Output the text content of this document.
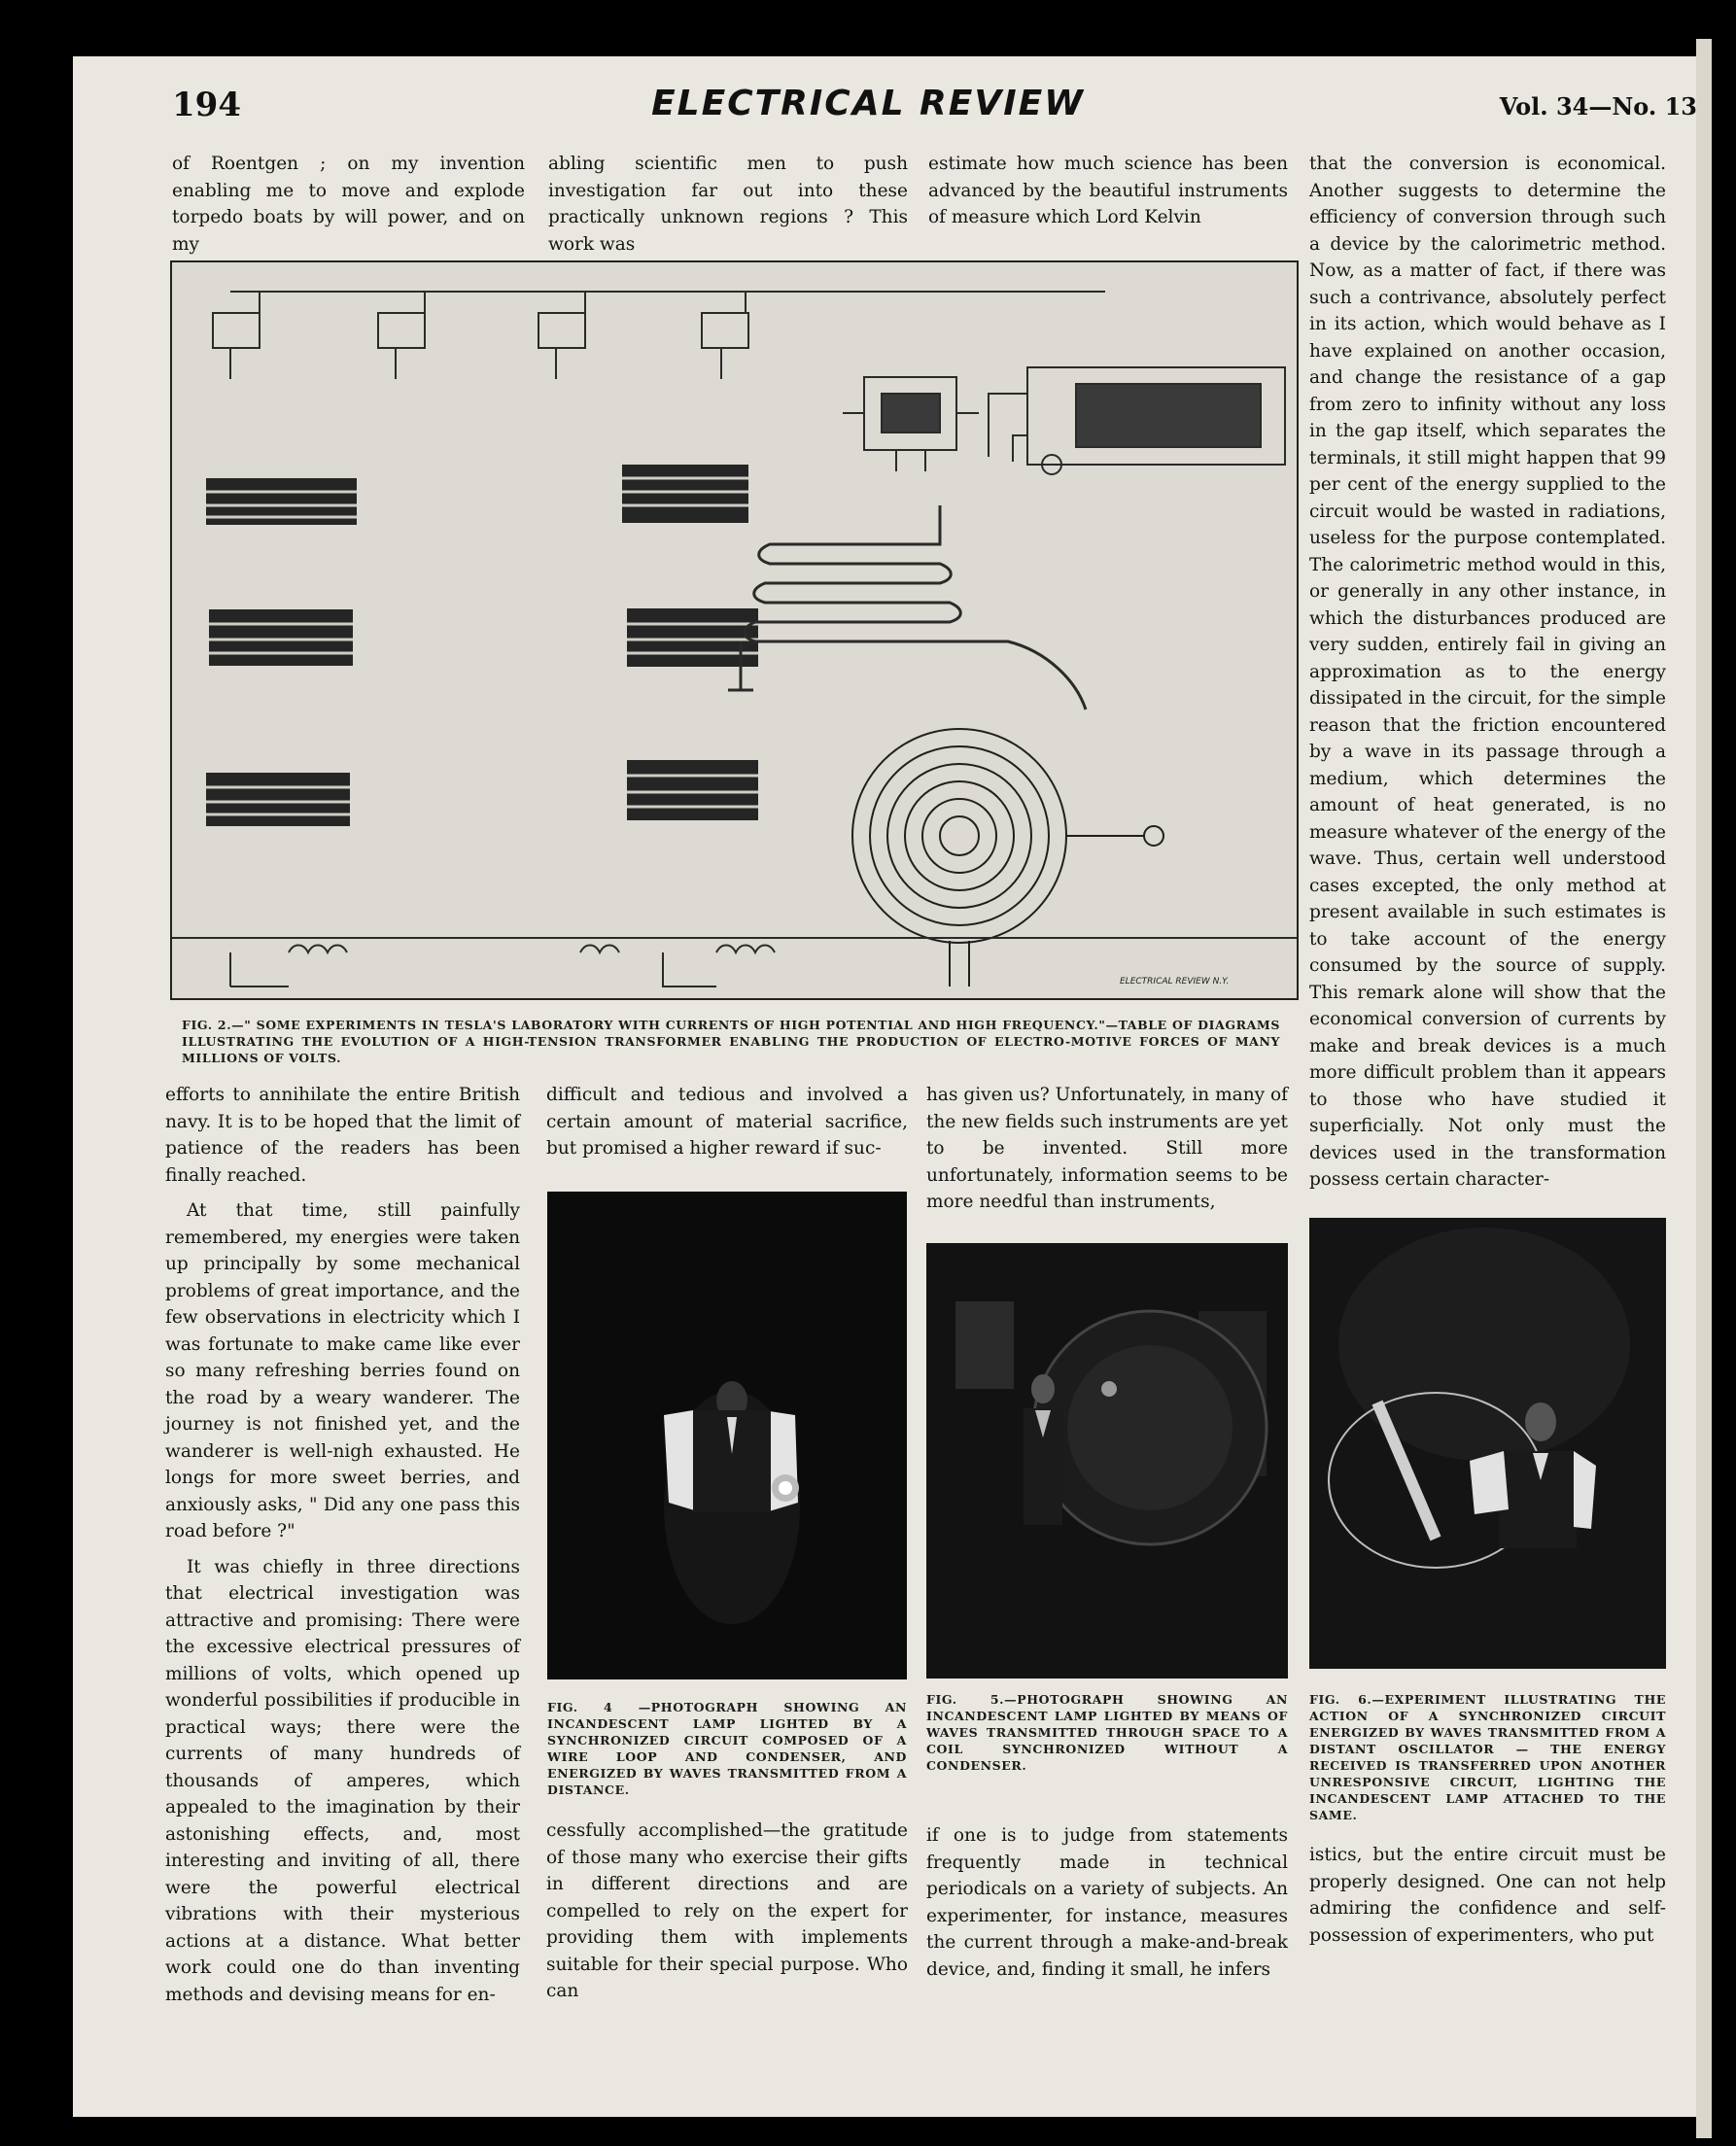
194	ELECTRICAL REVIEW	Vol. 34—No. 13

of Roentgen ; on my invention enabling me to move and explode torpedo boats by will power, and on my

abling scientific men to push investigation far out into these practically unknown regions ? This work was

estimate how much science has been advanced by the beautiful instruments of measure which Lord Kelvin

that the conversion is economical. Another suggests to determine the efficiency of conversion through such a device by the calorimetric method. Now, as a matter of fact, if there was such a contrivance, absolutely perfect in its action, which would behave as I have explained on another occasion, and change the resistance of a gap from zero to infinity without any loss in the gap itself, which separates the terminals, it still might happen that 99 per cent of the energy supplied to the circuit would be wasted in radiations, useless for the purpose contemplated. The calorimetric method would in this, or generally in any other instance, in which the disturbances produced are very sudden, entirely fail in giving an approximation as to the energy dissipated in the circuit, for the simple reason that the friction encountered by a wave in its passage through a medium, which determines the amount of heat generated, is no measure whatever of the energy of the wave. Thus, certain well understood cases excepted, the only method at present available in such estimates is to take account of the energy consumed by the source of supply. This remark alone will show that the economical conversion of currents by make and break devices is a much more difficult problem than it appears to those who have studied it superficially. Not only must the devices used in the transformation possess certain character-

ELECTRICAL REVIEW N.Y.
FIG. 2.—" SOME EXPERIMENTS IN TESLA'S LABORATORY WITH CURRENTS OF HIGH POTENTIAL AND HIGH FREQUENCY."—TABLE OF DIAGRAMS ILLUSTRATING THE EVOLUTION OF A HIGH-TENSION TRANSFORMER ENABLING THE PRODUCTION OF ELECTRO-MOTIVE FORCES OF MANY MILLIONS OF VOLTS.

efforts to annihilate the entire British navy. It is to be hoped that the limit of patience of the readers has been finally reached.

At that time, still painfully remembered, my energies were taken up principally by some mechanical problems of great importance, and the few observations in electricity which I was fortunate to make came like ever so many refreshing berries found on the road by a weary wanderer. The journey is not finished yet, and the wanderer is well-nigh exhausted. He longs for more sweet berries, and anxiously asks, " Did any one pass this road before ?"

It was chiefly in three directions that electrical investigation was attractive and promising: There were the excessive electrical pressures of millions of volts, which opened up wonderful possibilities if producible in practical ways; there were the currents of many hundreds of thousands of amperes, which appealed to the imagination by their astonishing effects, and, most interesting and inviting of all, there were the powerful electrical vibrations with their mysterious actions at a distance. What better work could one do than inventing methods and devising means for en-

difficult and tedious and involved a certain amount of material sacrifice, but promised a higher reward if suc-

cessfully accomplished—the gratitude of those many who exercise their gifts in different directions and are compelled to rely on the expert for providing them with implements suitable for their special purpose. Who can

has given us? Unfortunately, in many of the new fields such instruments are yet to be invented. Still more unfortunately, information seems to be more needful than instruments,

if one is to judge from statements frequently made in technical periodicals on a variety of subjects. An experimenter, for instance, measures the current through a make-and-break device, and, finding it small, he infers

istics, but the entire circuit must be properly designed. One can not help admiring the confidence and self-possession of experimenters, who put

FIG. 4 —PHOTOGRAPH SHOWING AN INCANDESCENT LAMP LIGHTED BY A SYNCHRONIZED CIRCUIT COMPOSED OF A WIRE LOOP AND CONDENSER, AND ENERGIZED BY WAVES TRANSMITTED FROM A DISTANCE.
FIG. 5.—PHOTOGRAPH SHOWING AN INCANDESCENT LAMP LIGHTED BY MEANS OF WAVES TRANSMITTED THROUGH SPACE TO A COIL SYNCHRONIZED WITHOUT A CONDENSER.
FIG. 6.—EXPERIMENT ILLUSTRATING THE ACTION OF A SYNCHRONIZED CIRCUIT ENERGIZED BY WAVES TRANSMITTED FROM A DISTANT OSCILLATOR — THE ENERGY RECEIVED IS TRANSFERRED UPON ANOTHER UNRESPONSIVE CIRCUIT, LIGHTING THE INCANDESCENT LAMP ATTACHED TO THE SAME.
